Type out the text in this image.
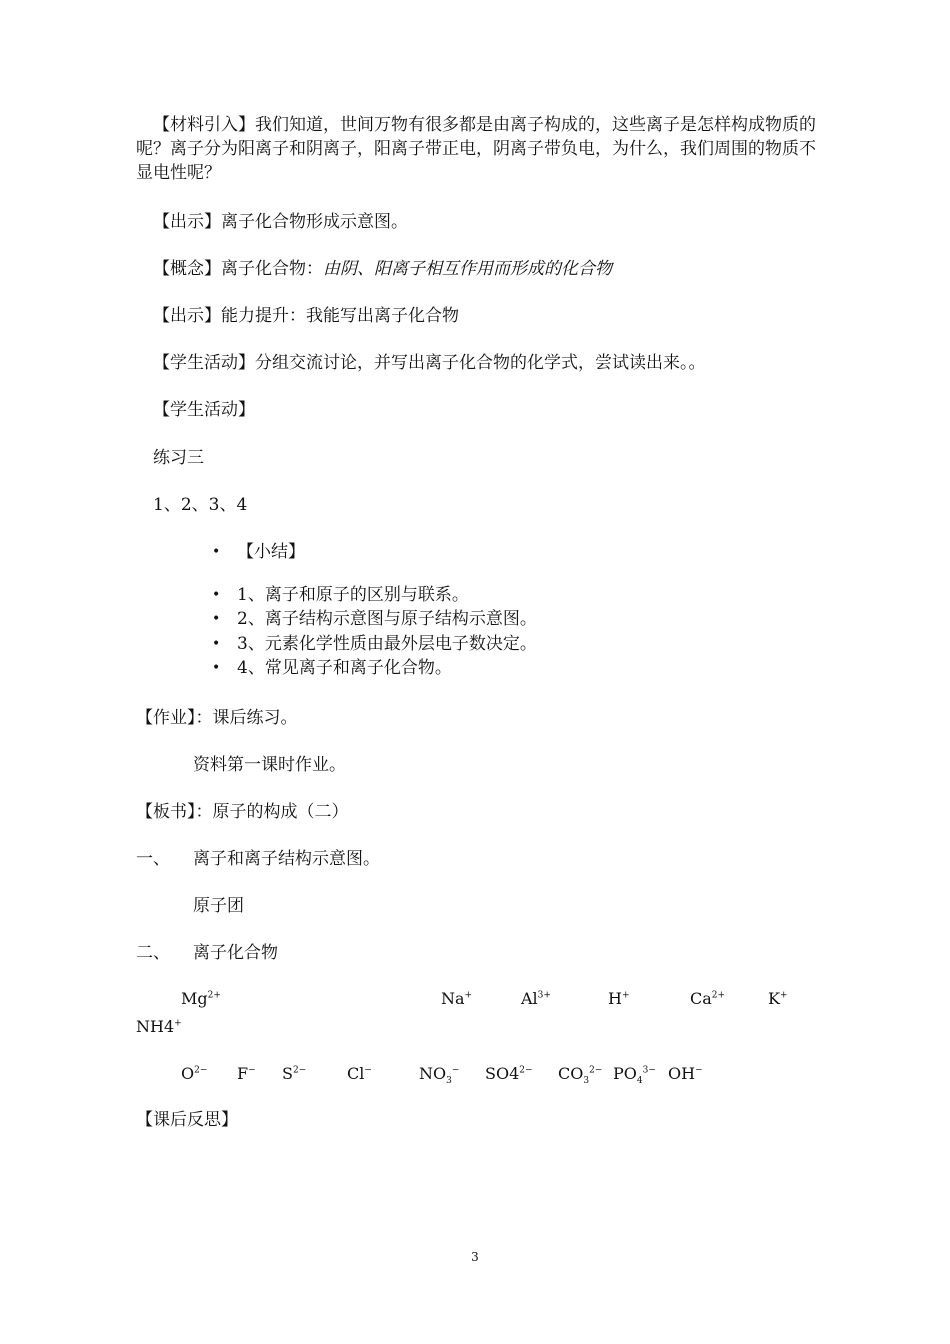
【材料引入】我们知道，世间万物有很多都是由离子构成的，这些离子是怎样构成物质的呢？离子分为阳离子和阴离子，阳离子带正电，阴离子带负电，为什么，我们周围的物质不显电性呢？
【出示】离子化合物形成示意图。
【概念】离子化合物：由阴、阳离子相互作用而形成的化合物
【出示】能力提升：我能写出离子化合物
【学生活动】分组交流讨论，并写出离子化合物的化学式，尝试读出来。。
【学生活动】
练习三
1、2、3、4
• 【小结】
• 1、离子和原子的区别与联系。
• 2、离子结构示意图与原子结构示意图。
• 3、元素化学性质由最外层电子数决定。
• 4、常见离子和离子化合物。
【作业】：课后练习。
资料第一课时作业。
【板书】：原子的构成（二）
一、 离子和离子结构示意图。
原子团
二、 离子化合物
$Mg^{2+}$	Na+	$Al^{3+}$	H+	$Ca^{2+}$	K+
NH4+
$O^{2-}$ F− $S^{2-}$	Cl−	$NO_3^-$ $SO4^{2-}$ $CO_3^{2-}$ $PO_4^{3-}$ OH−
【课后反思】
3
